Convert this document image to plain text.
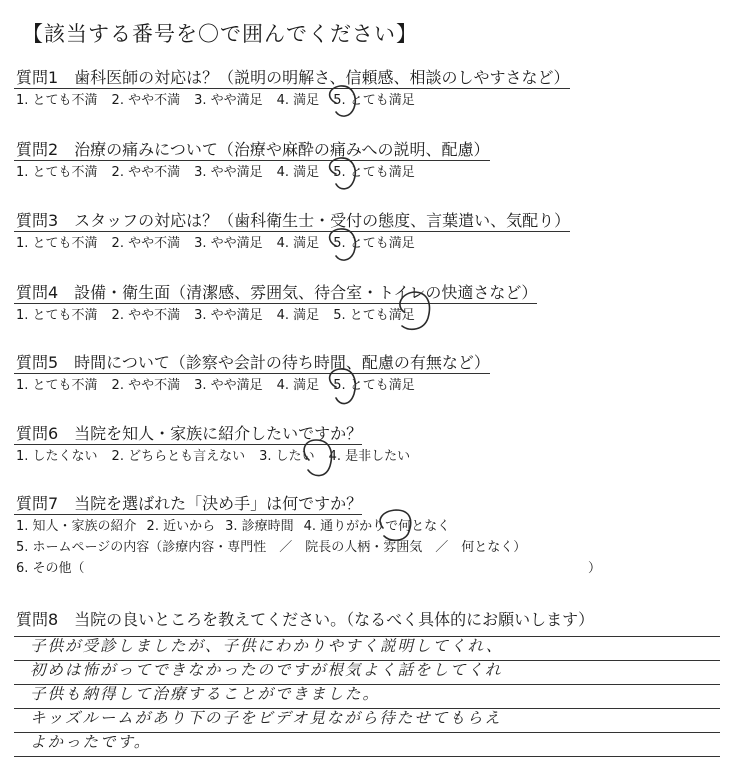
【該当する番号を〇で囲んでください】
質問1　歯科医師の対応は？（説明の明解さ、信頼感、相談のしやすさなど）
1. とても不満 2. やや不満 3. やや満足 4. 満足 5. とても満足
質問2　治療の痛みについて（治療や麻酔の痛みへの説明、配慮）
1. とても不満 2. やや不満 3. やや満足 4. 満足 5. とても満足
質問3　スタッフの対応は？（歯科衛生士・受付の態度、言葉遣い、気配り）
1. とても不満 2. やや不満 3. やや満足 4. 満足 5. とても満足
質問4　設備・衛生面（清潔感、雰囲気、待合室・トイレの快適さなど）
1. とても不満 2. やや不満 3. やや満足 4. 満足 5. とても満足
質問5　時間について（診察や会計の待ち時間、配慮の有無など）
1. とても不満 2. やや不満 3. やや満足 4. 満足 5. とても満足
質問6　当院を知人・家族に紹介したいですか？
1. したくない 2. どちらとも言えない 3. したい 4. 是非したい
質問7　当院を選ばれた「決め手」は何ですか？
1. 知人・家族の紹介 2. 近いから 3. 診療時間 4. 通りがかりで何となく
5. ホームページの内容（診療内容・専門性　／　院長の人柄・雰囲気　／　何となく）
6. その他（	）
質問8　当院の良いところを教えてください。（なるべく具体的にお願いします）
子供が受診しましたが、子供にわかりやすく説明してくれ、
初めは怖がってできなかったのですが根気よく話をしてくれ
子供も納得して治療することができました。
キッズルームがあり下の子をビデオ見ながら待たせてもらえ
よかったです。
